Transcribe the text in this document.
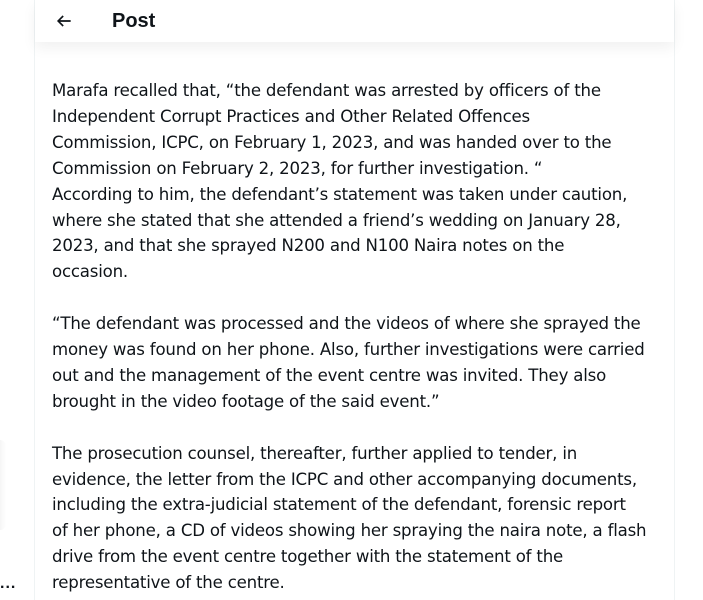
...
Post

Marafa recalled that, “the defendant was arrested by officers of the
Independent Corrupt Practices and Other Related Offences
Commission, ICPC, on February 1, 2023, and was handed over to the
Commission on February 2, 2023, for further investigation. “
According to him, the defendant’s statement was taken under caution,
where she stated that she attended a friend’s wedding on January 28,
2023, and that she sprayed N200 and N100 Naira notes on the
occasion.

“The defendant was processed and the videos of where she sprayed the
money was found on her phone. Also, further investigations were carried
out and the management of the event centre was invited. They also
brought in the video footage of the said event.”

The prosecution counsel, thereafter, further applied to tender, in
evidence, the letter from the ICPC and other accompanying documents,
including the extra-judicial statement of the defendant, forensic report
of her phone, a CD of videos showing her spraying the naira note, a flash
drive from the event centre together with the statement of the
representative of the centre.
